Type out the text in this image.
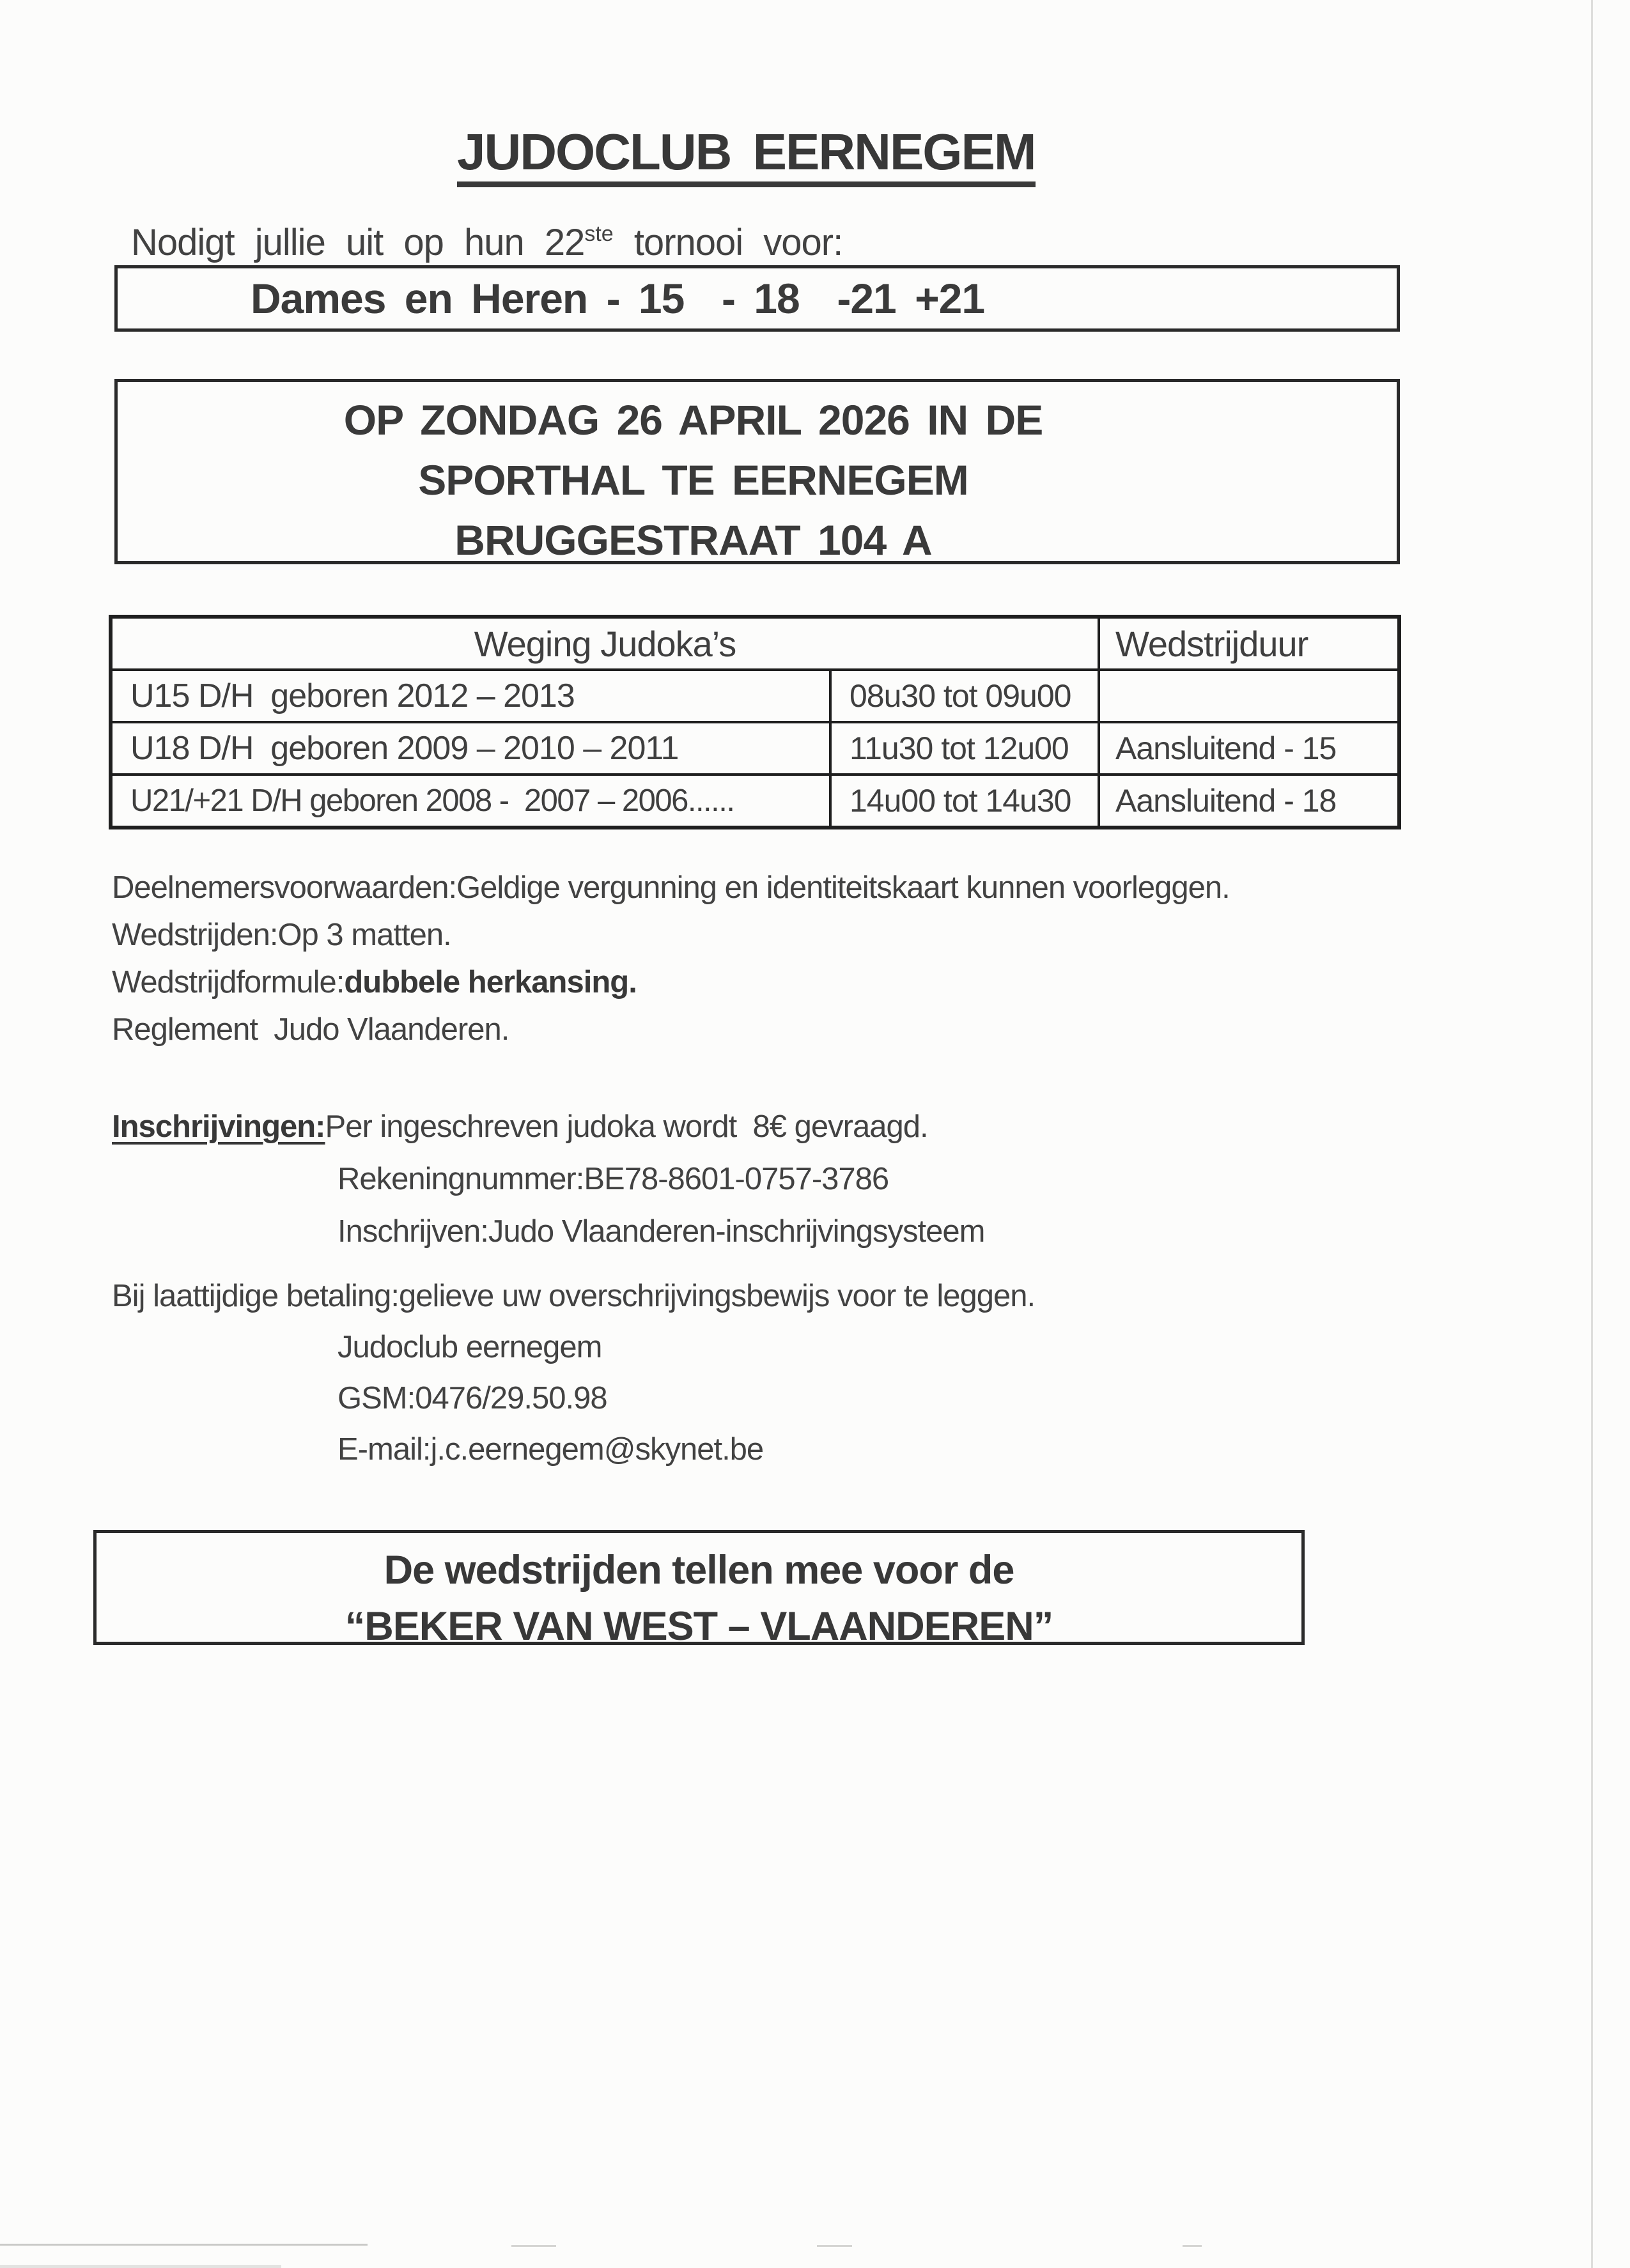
JUDOCLUB EERNEGEM
Nodigt jullie uit op hun 22ste tornooi voor:
Dames en Heren - 15  - 18  -21 +21
OP ZONDAG 26 APRIL 2026 IN DE
SPORTHAL TE EERNEGEM
BRUGGESTRAAT 104 A
Weging Judoka’s		Wedstrijduur
U15 D/H  geboren 2012 – 2013	08u30 tot 09u00	
U18 D/H  geboren 2009 – 2010 – 2011	11u30 tot 12u00	Aansluitend - 15
U21/+21 D/H geboren 2008 -  2007 – 2006......	14u00 tot 14u30	Aansluitend - 18
Deelnemersvoorwaarden:Geldige vergunning en identiteitskaart kunnen voorleggen.
Wedstrijden:Op 3 matten.
Wedstrijdformule:dubbele herkansing.
Reglement  Judo Vlaanderen.
Inschrijvingen:Per ingeschreven judoka wordt  8€ gevraagd.
Rekeningnummer:BE78-8601-0757-3786
Inschrijven:Judo Vlaanderen-inschrijvingsysteem
Bij laattijdige betaling:gelieve uw overschrijvingsbewijs voor te leggen.
Judoclub eernegem
GSM:0476/29.50.98
E-mail:j.c.eernegem@skynet.be
De wedstrijden tellen mee voor de
“BEKER VAN WEST – VLAANDEREN”
